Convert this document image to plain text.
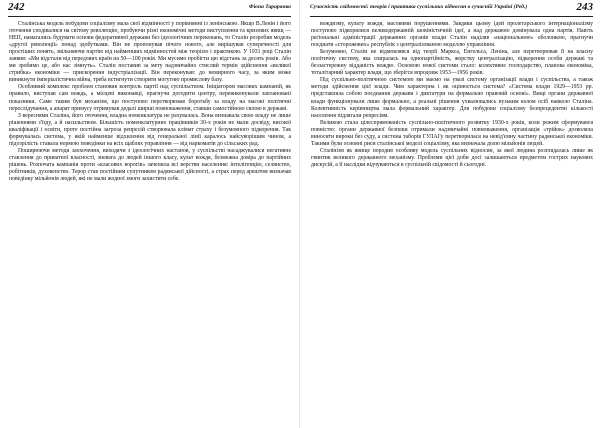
242	Фіона Тараранко

Сталінська модель побудови соціалізму мала свої відмінності у порівнянні із ленінською. Якщо В.Ленін і його оточення сподівалися на світову революцію, пробуючи різні економічні методи виступлення та кризових явищ — НЕП, намагались будувати основи федеративної держави без ідеологічних переконань, то Сталін розробив модель «другої революції» понад здобутками. Він не пропонував нічого нового, але вирішував суперечності для простіших понять, звільняючи партію від найменших відмінностей між теорією і практикою. У 1931 році Сталін заявив: «Ми відстали від передових країн на 50—100 років. Ми мусимо пробігти цю відстань за десять років. Або ми зробимо це, або нас зімнуть». Сталін поставив за мету надзвичайно стислий термін здійснення «великої стрибка» економіки — прискорення індустріалізації. Він переконував: до немирного часу, за яким може виникнути імперіалістична війна, треба встигнути створити могутню промислову базу.

Особливий комплекс проблем становив контроль партії над суспільством. Ініціатором масових кампаній, як правило, виступав сам вождь, а місцеві виконавці, прагнучи догодити центру, перевиконували заплановані показники. Саме таким був механізм, що поступово перетворював боротьбу за владу на масові політичні переслідування, а апарат примусу отримував дедалі ширші повноваження, ставши самостійною силою в державі.

З вереснями Сталіна, його оточення, владна номенклатура не рахувалась. Вона визнавала свою владу не лише рішеннями з'їзду, а й насильством. Більшість номенклатурних працівників 30-х років не мали досвіду, високої кваліфікації і освіти, проте постійна загроза репресій створювала клімат страху і безумовного підкорення. Так формувалась система, у якій найменше відхилення від генеральної лінії каралось найсуворішим чином, а підозрілість ставала нормою поведінки на всіх щаблях управління — від наркоматів до сільських рад.

Поширюючи методи заохочення, виходячи з ідеологічних настанов, у суспільстві насаджувалися негативне ставлення до приватної власності, зневага до людей іншого класу, культ вождя, безмежна довіра до партійних рішень. Розпочата кампанія проти «класових ворогів» зачепила всі верстви населення: інтелігенцію, селянство, робітників, духовенство. Терор став постійним супутником радянської дійсності, а страх перед арештом визначав поведінку мільйонів людей, які не мали жодної змоги захистити себе.

Сучасність свідомості: теорія і практика суспільних відносин в сучасній Україні (Ред.)	243

вождизму, культу вождя, масовими порушеннями. Завдяки цьому ідей пролетарського інтернаціоналізму поступово підкорялися великодержавній шовіністичній ідеї, а над державою домінувала одна партія. Навіть регіональні адміністрації державних органів влади Сталін наділяв «національною» оболонкою, прагнучи поєднати «сторожових» республік з централізованою моделлю управління.

Безумовно, Сталін не відмовлявся від теорії Маркса, Енгельса, Леніна, але перетворював її на власну політичну систему, яка спиралась на однопартійність, жорстку централізацію, підкорення особи державі та беззастережну відданість вождю. Основою нової системи стало: колективне господарство, планова економіка, тоталітарний характер влади, що зберігся впродовж 1953—1956 років.

Під суспільно-політичною системою ми маємо на увазі систему організації влади і суспільства, а також методи здійснення цієї влади. Чим характерна і як оцінюється система? «Система влади 1929—1953 рр. представляла собою поєднання держави і диктатури на формально правовій основі». Вищі органи державної влади функціонували лише формально, а реальні рішення ухвалювались вузьким колом осіб навколо Сталіна. Колективність керівництва мала формальний характер. Для побудови соціалізму безпрецедентні кількості населення підлягали репресіям.

Великою стала цілеспрямованість суспільно-політичного розвитку 1930-х років, коли режим сформувався повністю: органи державної безпеки отримали надзвичайні повноваження, організація «трійок» дозволяла виносити вироки без суду, а система таборів ГУЛАГу перетворилася на невід'ємну частину радянської економіки. Такими були основні риси сталінської моделі соціалізму, яка визначала долю мільйонів людей.

Сталінізм як явище породив особливу модель суспільних відносин, за якої людина розглядалась лише як гвинтик великого державного механізму. Проблеми цієї доби досі залишаються предметом гострих наукових дискусій, а її наслідки відчуваються в суспільній свідомості й сьогодні.
